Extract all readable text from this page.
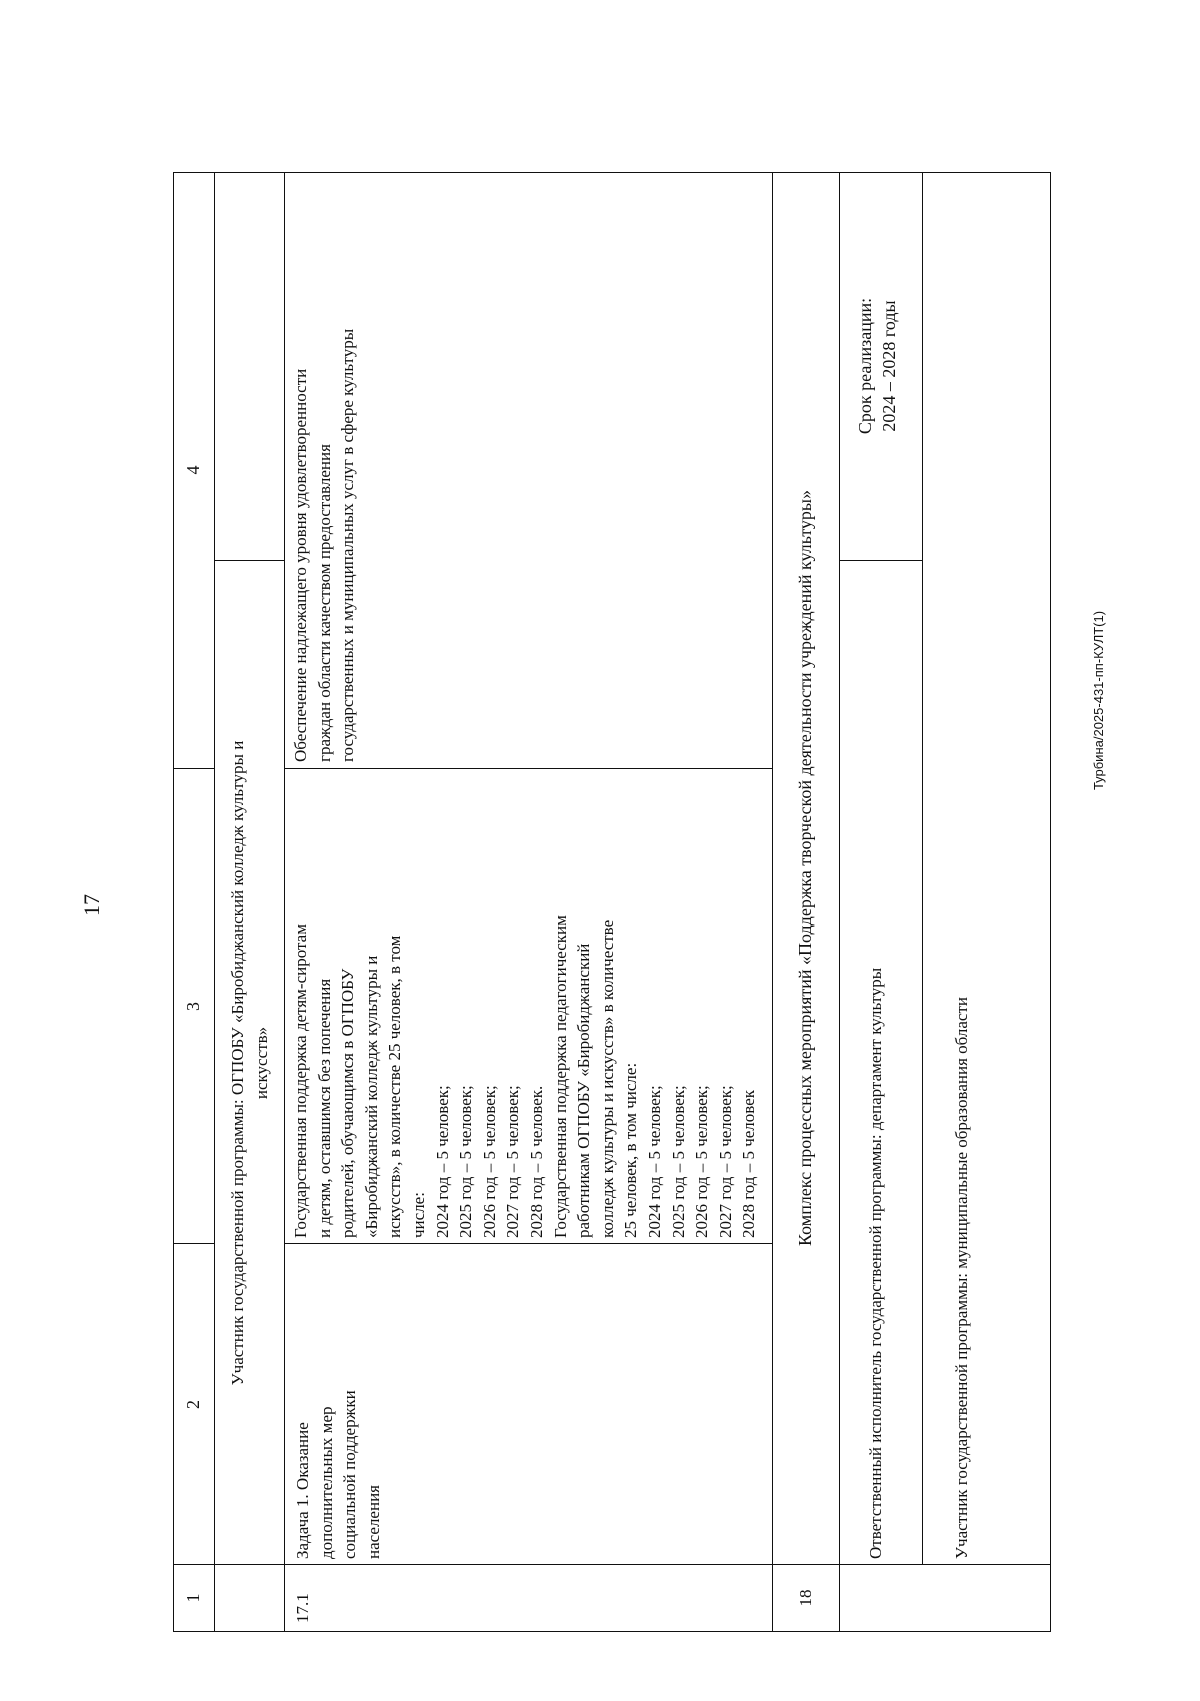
17
Турбина/2025-431-пп-КУЛТ(1)
1
2
3
4
Участник государственной программы: ОГПОБУ «Биробиджанский колледж культуры и искусств»
17.1
Задача 1. Оказание дополнительных мер социальной поддержки населения
Государственная поддержка детям-сиротам и детям, оставшимся без попечения родителей, обучающимся в ОГПОБУ «Биробиджанский колледж культуры и искусств», в количестве 25 человек, в том числе: 2024 год – 5 человек; 2025 год – 5 человек; 2026 год – 5 человек; 2027 год – 5 человек; 2028 год – 5 человек. Государственная поддержка педагогическим работникам ОГПОБУ «Биробиджанский колледж культуры и искусств» в количестве 25 человек, в том числе: 2024 год – 5 человек; 2025 год – 5 человек; 2026 год – 5 человек; 2027 год – 5 человек; 2028 год – 5 человек
Обеспечение надлежащего уровня удовлетворенности граждан области качеством предоставления государственных и муниципальных услуг в сфере культуры
18
Комплекс процессных мероприятий «Поддержка творческой деятельности учреждений культуры»
Ответственный исполнитель государственной программы: департамент культуры
Срок реализации: 2024 – 2028 годы
Участник государственной программы: муниципальные образования области
